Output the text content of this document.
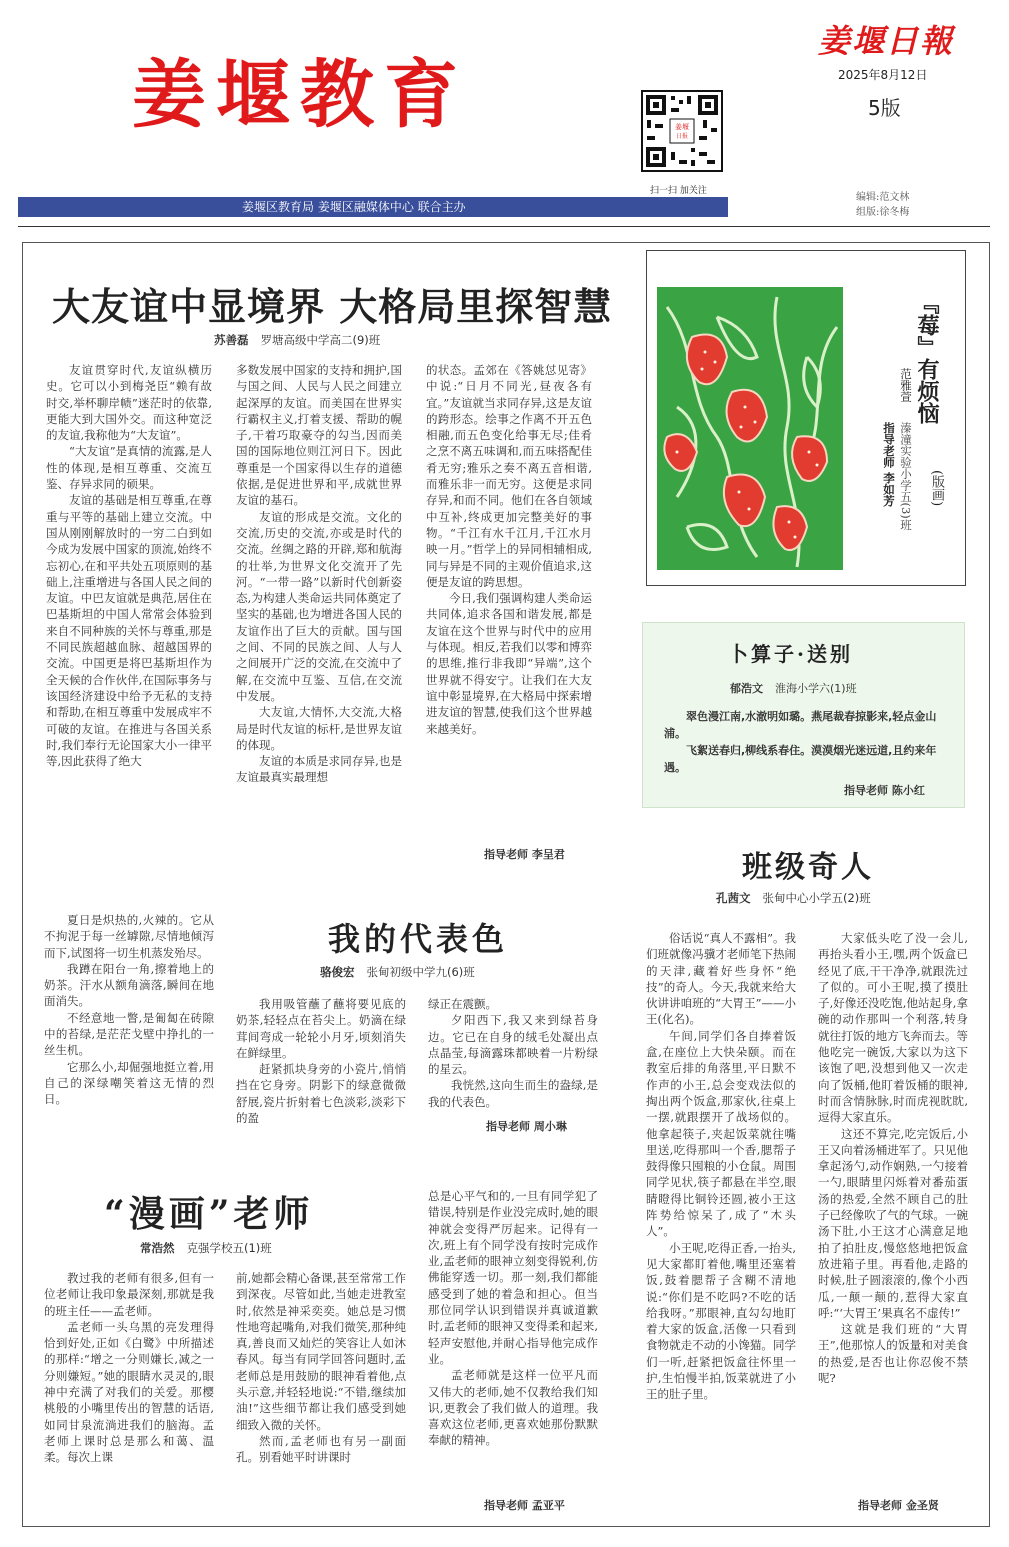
姜堰教育
姜堰日報
2025年8月12日
5版
姜堰
日报
扫一扫 加关注
姜堰区教育局 姜堰区融媒体中心 联合主办
编辑:范文林
组版:徐冬梅
大友谊中显境界 大格局里探智慧
苏善磊 罗塘高级中学高二(9)班

友谊贯穿时代,友谊纵横历史。它可以小到梅尧臣“赖有故时交,举杯聊岸帻”迷茫时的依靠,更能大到大国外交。而这种宽泛的友谊,我称他为“大友谊”。

“大友谊”是真情的流露,是人性的体现,是相互尊重、交流互鉴、存异求同的硕果。

友谊的基础是相互尊重,在尊重与平等的基础上建立交流。中国从刚刚解放时的一穷二白到如今成为发展中国家的顶流,始终不忘初心,在和平共处五项原则的基础上,注重增进与各国人民之间的友谊。中巴友谊就是典范,居住在巴基斯坦的中国人常常会体验到来自不同种族的关怀与尊重,那是不同民族超越血脉、超越国界的交流。中国更是将巴基斯坦作为全天候的合作伙伴,在国际事务与该国经济建设中给予无私的支持和帮助,在相互尊重中发展成牢不可破的友谊。在推进与各国关系时,我们奉行无论国家大小一律平等,因此获得了绝大

多数发展中国家的支持和拥护,国与国之间、人民与人民之间建立起深厚的友谊。而美国在世界实行霸权主义,打着支援、帮助的幌子,干着巧取豪夺的勾当,因而美国的国际地位则江河日下。因此尊重是一个国家得以生存的道德依据,是促进世界和平,成就世界友谊的基石。

友谊的形成是交流。文化的交流,历史的交流,亦或是时代的交流。丝绸之路的开辟,郑和航海的壮举,为世界文化交流开了先河。“一带一路”以新时代创新姿态,为构建人类命运共同体奠定了坚实的基础,也为增进各国人民的友谊作出了巨大的贡献。国与国之间、不同的民族之间、人与人之间展开广泛的交流,在交流中了解,在交流中互鉴、互信,在交流中发展。

大友谊,大情怀,大交流,大格局是时代友谊的标杆,是世界友谊的体现。

友谊的本质是求同存异,也是友谊最真实最理想

的状态。孟郊在《答姚怤见寄》中说:“日月不同光,昼夜各有宜。”友谊就当求同存异,这是友谊的跨形态。绘事之作离不开五色相融,而五色变化给事无尽;佳肴之烹不离五味调和,而五味搭配佳肴无穷;雅乐之奏不离五音相谐,而雅乐非一而无穷。这便是求同存异,和而不同。他们在各自领域中互补,终成更加完整美好的事物。“千江有水千江月,千江水月映一月。”哲学上的异同相辅相成,同与异是不同的主观价值追求,这便是友谊的跨思想。

今日,我们强调构建人类命运共同体,追求各国和谐发展,都是友谊在这个世界与时代中的应用与体现。相反,若我们以零和博弈的思维,推行非我即“异端”,这个世界就不得安宁。让我们在大友谊中彰显境界,在大格局中探索增进友谊的智慧,使我们这个世界越来越美好。

指导老师 李呈君
『莓』有烦恼
(版画)
范雅萱
溱潼实验小学五(3)班
指导老师 李如芳
卜算子·送别
郁浩文 淮海小学六(1)班

翠色漫江南,水澈明如璐。燕尾裁春掠影来,轻点金山浦。

飞絮送春归,柳线系春住。漠漠烟光迷远道,且约来年遇。

指导老师 陈小红
班级奇人
孔茜文 张甸中心小学五(2)班

俗话说“真人不露相”。我们班就像冯骥才老师笔下热闹的天津,藏着好些身怀“绝技”的奇人。今天,我就来给大伙讲讲咱班的“大胃王”——小王(化名)。

午间,同学们各自捧着饭盒,在座位上大快朵颐。而在教室后排的角落里,平日默不作声的小王,总会变戏法似的掏出两个饭盒,那家伙,往桌上一摆,就跟摆开了战场似的。他拿起筷子,夹起饭菜就往嘴里送,吃得那叫一个香,腮帮子鼓得像只囤粮的小仓鼠。周围同学见状,筷子都悬在半空,眼睛瞪得比铜铃还圆,被小王这阵势给惊呆了,成了“木头人”。

小王呢,吃得正香,一抬头,见大家都盯着他,嘴里还塞着饭,鼓着腮帮子含糊不清地说:“你们是不吃吗?不吃的话给我呀。”那眼神,直勾勾地盯着大家的饭盒,活像一只看到食物就走不动的小馋猫。同学们一听,赶紧把饭盒往怀里一护,生怕慢半拍,饭菜就进了小王的肚子里。

大家低头吃了没一会儿,再抬头看小王,嘿,两个饭盒已经见了底,干干净净,就跟洗过了似的。可小王呢,摸了摸肚子,好像还没吃饱,他站起身,拿碗的动作那叫一个利落,转身就往打饭的地方飞奔而去。等他吃完一碗饭,大家以为这下该饱了吧,没想到他又一次走向了饭桶,他盯着饭桶的眼神,时而含情脉脉,时而虎视眈眈,逗得大家直乐。

这还不算完,吃完饭后,小王又向着汤桶进军了。只见他拿起汤勺,动作娴熟,一勺接着一勺,眼睛里闪烁着对番茄蛋汤的热爱,全然不顾自己的肚子已经像吹了气的气球。一碗汤下肚,小王这才心满意足地拍了拍肚皮,慢悠悠地把饭盒放进箱子里。再看他,走路的时候,肚子圆滚滚的,像个小西瓜,一颠一颠的,惹得大家直呼:“‘大胃王’果真名不虚传!”

这就是我们班的“大胃王”,他那惊人的饭量和对美食的热爱,是否也让你忍俊不禁呢?

指导老师 金圣贤
我的代表色
骆俊宏 张甸初级中学九(6)班

夏日是炽热的,火辣的。它从不拘泥于每一丝罅隙,尽情地倾泻而下,试图将一切生机蒸发殆尽。

我蹲在阳台一角,擦着地上的奶茶。汗水从额角滴落,瞬间在地面消失。

不经意地一瞥,是匍匐在砖隙中的苔绿,是茫茫戈壁中挣扎的一丝生机。

它那么小,却倔强地挺立着,用自己的深绿嘲笑着这无情的烈日。

我用吸管蘸了蘸将要见底的奶茶,轻轻点在苔尖上。奶滴在绿茸间弯成一轮轮小月牙,顷刻消失在鲜绿里。

赶紧抓块身旁的小瓷片,悄悄挡在它身旁。阴影下的绿意微微舒展,瓷片折射着七色淡彩,淡彩下的盈

绿正在震颤。

夕阳西下,我又来到绿苔身边。它已在自身的绒毛处凝出点点晶莹,每滴露珠都映着一片粉绿的星云。

我恍然,这向生而生的盎绿,是我的代表色。

指导老师 周小琳
“漫画”老师
常浩然 克强学校五(1)班

教过我的老师有很多,但有一位老师让我印象最深刻,那就是我的班主任——孟老师。

孟老师一头乌黑的亮发理得恰到好处,正如《白鹭》中所描述的那样:“增之一分则嫌长,减之一分则嫌短。”她的眼睛水灵灵的,眼神中充满了对我们的关爱。那樱桃般的小嘴里传出的智慧的话语,如同甘泉流淌进我们的脑海。孟老师上课时总是那么和蔼、温柔。每次上课

前,她都会精心备课,甚至常常工作到深夜。尽管如此,当她走进教室时,依然是神采奕奕。她总是习惯性地弯起嘴角,对我们微笑,那种纯真,善良而又灿烂的笑容让人如沐春风。每当有同学回答问题时,孟老师总是用鼓励的眼神看着他,点头示意,并轻轻地说:“不错,继续加油!”这些细节都让我们感受到她细致入微的关怀。

然而,孟老师也有另一副面孔。别看她平时讲课时

总是心平气和的,一旦有同学犯了错误,特别是作业没完成时,她的眼神就会变得严厉起来。记得有一次,班上有个同学没有按时完成作业,孟老师的眼神立刻变得锐利,仿佛能穿透一切。那一刻,我们都能感受到了她的着急和担心。但当那位同学认识到错误并真诚道歉时,孟老师的眼神又变得柔和起来,轻声安慰他,并耐心指导他完成作业。

孟老师就是这样一位平凡而又伟大的老师,她不仅教给我们知识,更教会了我们做人的道理。我喜欢这位老师,更喜欢她那份默默奉献的精神。

指导老师 孟亚平
